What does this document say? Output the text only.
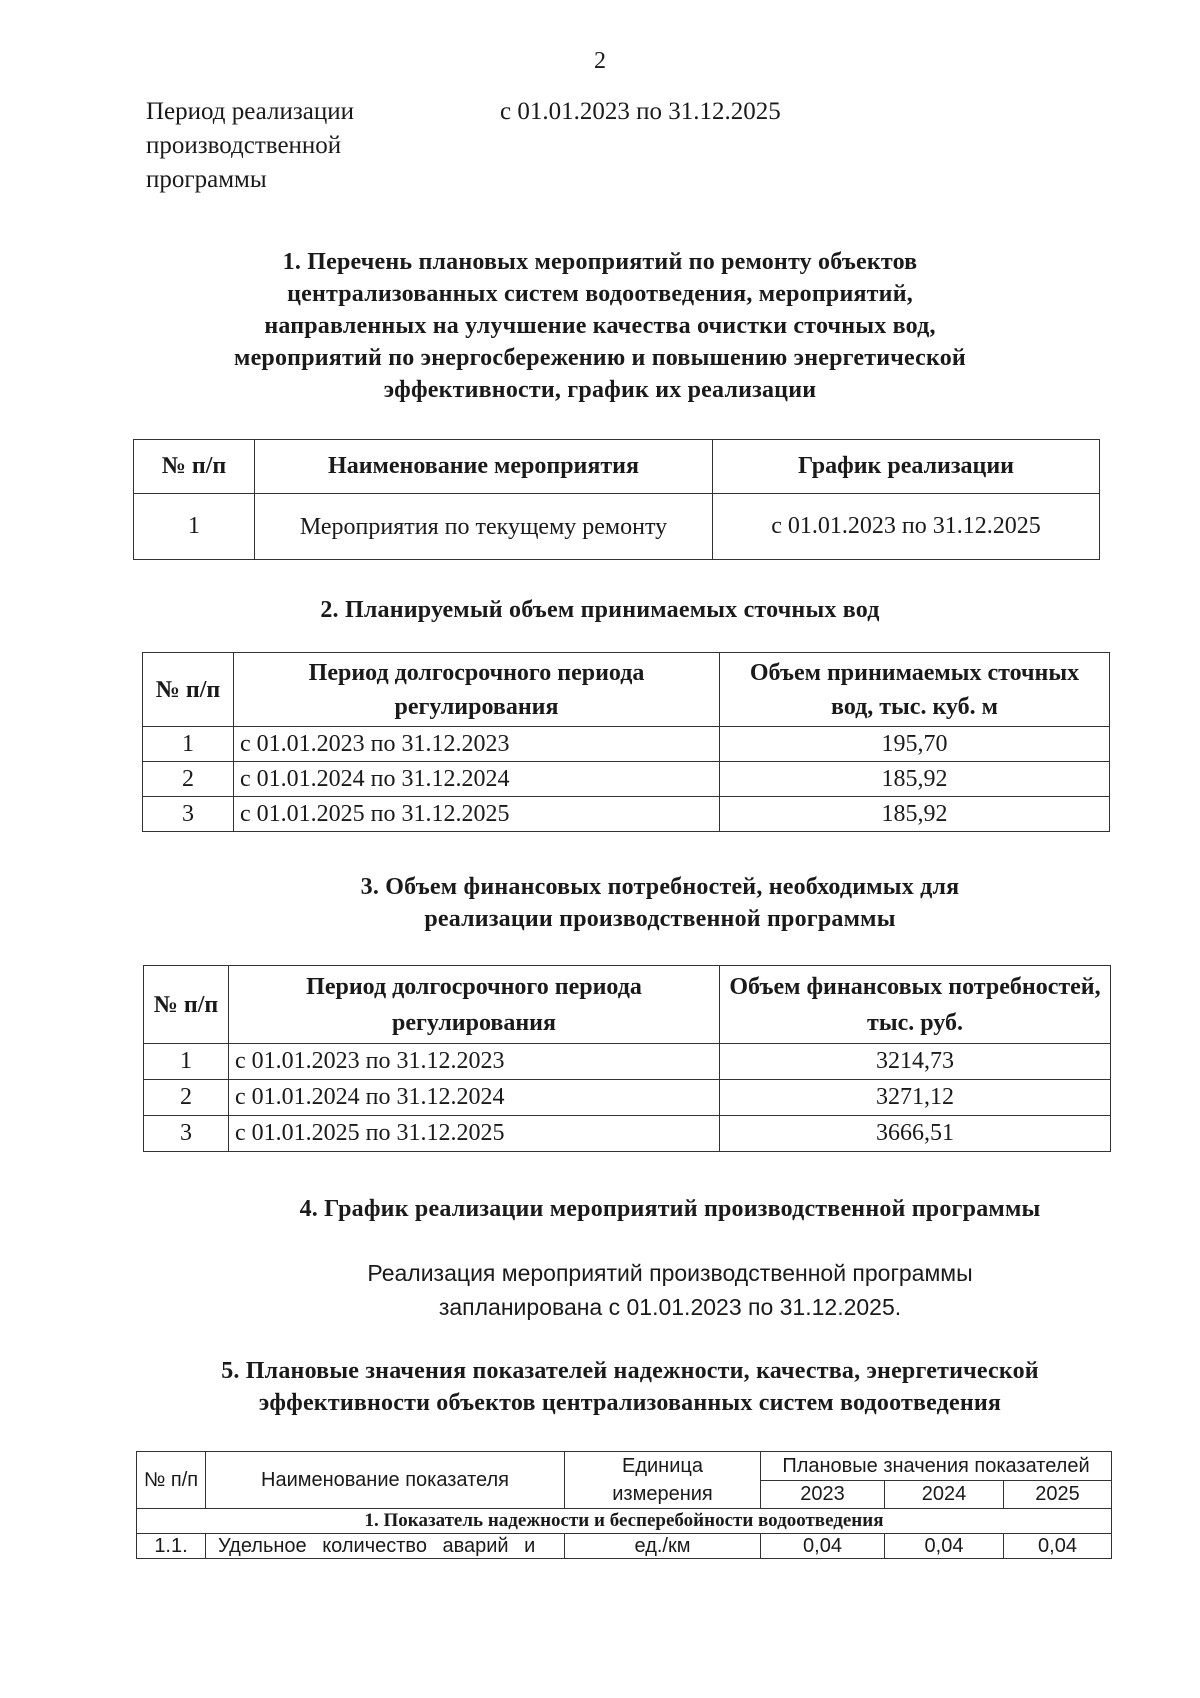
2
Период реализации
производственной
программы
с 01.01.2023 по 31.12.2025
1. Перечень плановых мероприятий по ремонту объектов
централизованных систем водоотведения, мероприятий,
направленных на улучшение качества очистки сточных вод,
мероприятий по энергосбережению и повышению энергетической
эффективности, график их реализации
№ п/п	Наименование мероприятия	График реализации
1	Мероприятия по текущему ремонту	с 01.01.2023 по 31.12.2025
2. Планируемый объем принимаемых сточных вод
№ п/п	Период долгосрочного периода регулирования	Объем принимаемых сточных вод, тыс. куб. м
1	с 01.01.2023 по 31.12.2023	195,70
2	с 01.01.2024 по 31.12.2024	185,92
3	с 01.01.2025 по 31.12.2025	185,92
3. Объем финансовых потребностей, необходимых для
реализации производственной программы
№ п/п	Период долгосрочного периода регулирования	Объем финансовых потребностей, тыс. руб.
1	с 01.01.2023 по 31.12.2023	3214,73
2	с 01.01.2024 по 31.12.2024	3271,12
3	с 01.01.2025 по 31.12.2025	3666,51
4. График реализации мероприятий производственной программы
Реализация мероприятий производственной программы
запланирована с 01.01.2023 по 31.12.2025.
5. Плановые значения показателей надежности, качества, энергетической
эффективности объектов централизованных систем водоотведения
№ п/п	Наименование показателя	Единица измерения	Плановые значения показателей		
			2023	2024	2025
1. Показатель надежности и бесперебойности водоотведения					
1.1.	Удельное количество аварий и	ед./км	0,04	0,04	0,04
